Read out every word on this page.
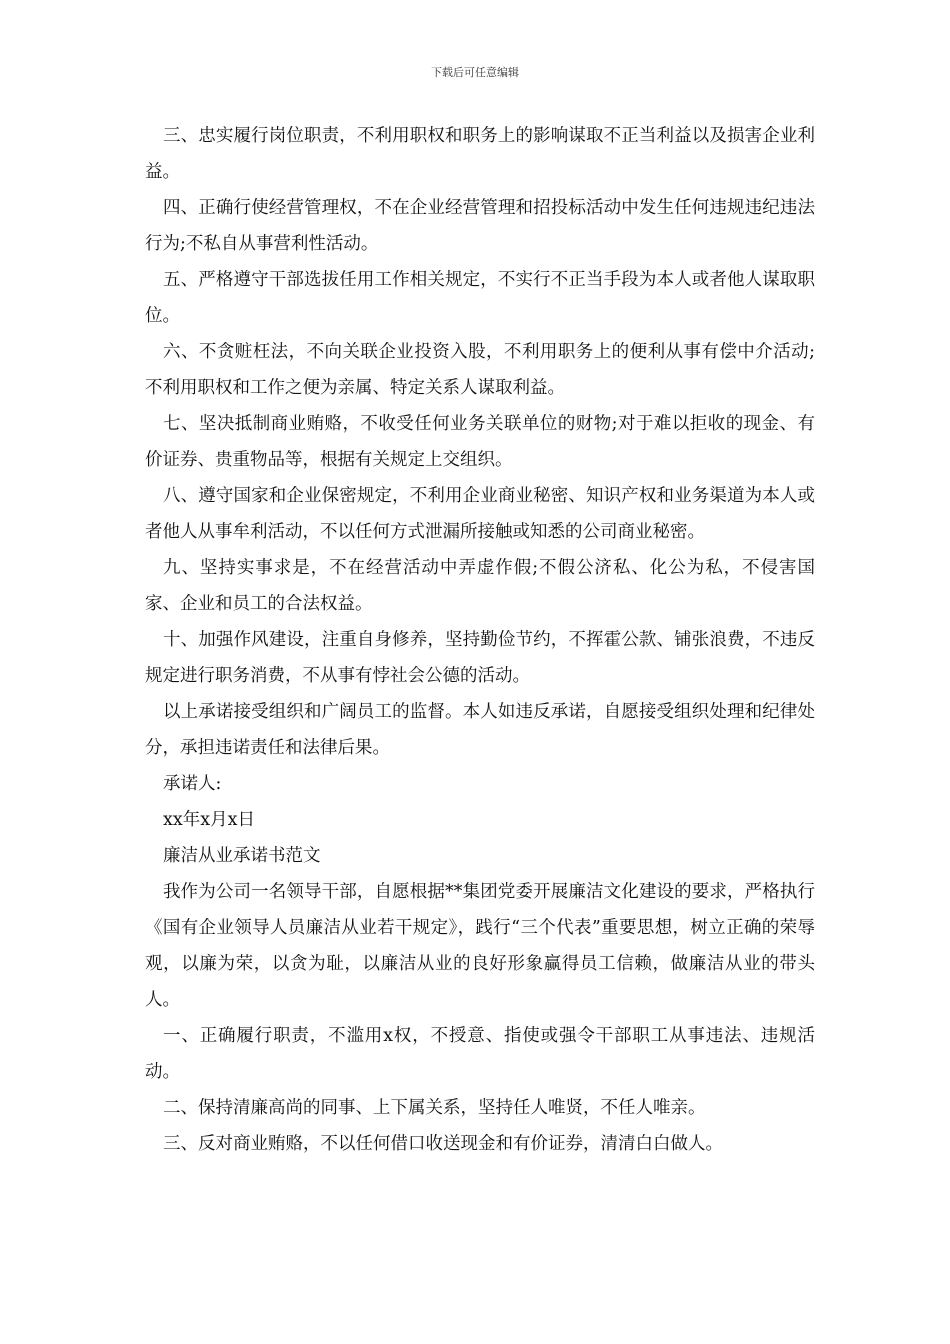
下载后可任意编辑

三、忠实履行岗位职责，不利用职权和职务上的影响谋取不正当利益以及损害企业利益。

四、正确行使经营管理权，不在企业经营管理和招投标活动中发生任何违规违纪违法行为;不私自从事营利性活动。

五、严格遵守干部选拔任用工作相关规定，不实行不正当手段为本人或者他人谋取职位。

六、不贪赃枉法，不向关联企业投资入股，不利用职务上的便利从事有偿中介活动;不利用职权和工作之便为亲属、特定关系人谋取利益。

七、坚决抵制商业贿赂，不收受任何业务关联单位的财物;对于难以拒收的现金、有价证券、贵重物品等，根据有关规定上交组织。

八、遵守国家和企业保密规定，不利用企业商业秘密、知识产权和业务渠道为本人或者他人从事牟利活动，不以任何方式泄漏所接触或知悉的公司商业秘密。

九、坚持实事求是，不在经营活动中弄虚作假;不假公济私、化公为私，不侵害国家、企业和员工的合法权益。

十、加强作风建设，注重自身修养，坚持勤俭节约，不挥霍公款、铺张浪费，不违反规定进行职务消费，不从事有悖社会公德的活动。

以上承诺接受组织和广阔员工的监督。本人如违反承诺，自愿接受组织处理和纪律处分，承担违诺责任和法律后果。

承诺人:

xx年x月x日

廉洁从业承诺书范文

我作为公司一名领导干部，自愿根据**集团党委开展廉洁文化建设的要求，严格执行《国有企业领导人员廉洁从业若干规定》，践行“三个代表”重要思想，树立正确的荣辱观，以廉为荣，以贪为耻，以廉洁从业的良好形象赢得员工信赖，做廉洁从业的带头人。

一、正确履行职责，不滥用x权，不授意、指使或强令干部职工从事违法、违规活动。

二、保持清廉高尚的同事、上下属关系，坚持任人唯贤，不任人唯亲。

三、反对商业贿赂，不以任何借口收送现金和有价证券，清清白白做人。
